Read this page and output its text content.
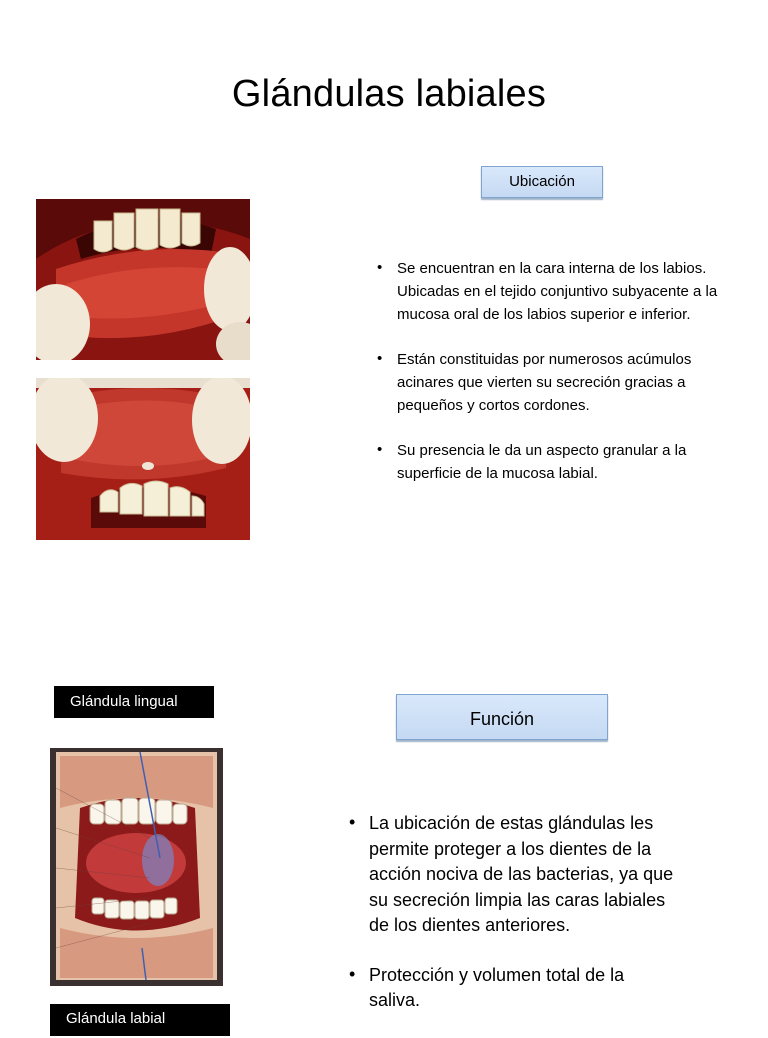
Glándulas labiales
Ubicación
• Se encuentran en la cara interna de los labios. Ubicadas en el tejido conjuntivo subyacente a la mucosa oral de los labios superior e inferior.
• Están constituidas por numerosos acúmulos acinares que vierten su secreción gracias a pequeños y cortos cordones.
• Su presencia le da un aspecto granular a la superficie de la mucosa labial.
Glándula lingual
Función
• La ubicación de estas glándulas les permite proteger a los dientes de la acción nociva de las bacterias, ya que su secreción limpia las caras labiales de los dientes anteriores.
• Protección y volumen total de la saliva.
Glándula labial
